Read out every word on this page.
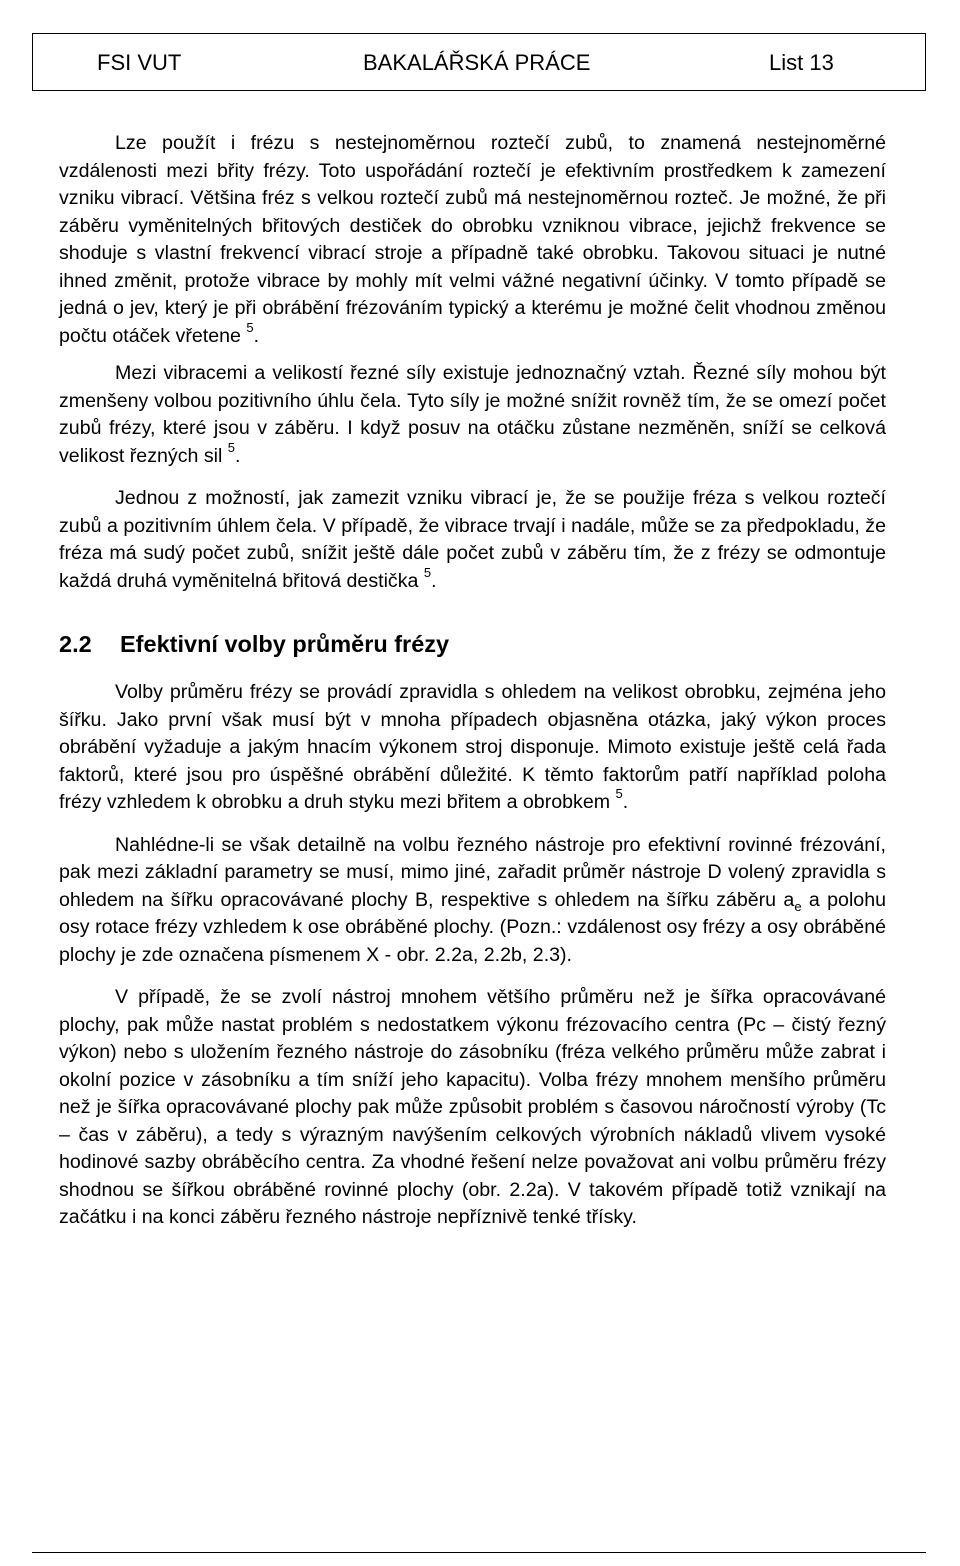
FSI VUT	BAKALÁŘSKÁ PRÁCE	List 13

Lze použít i frézu s nestejnoměrnou roztečí zubů, to znamená nestejnoměrné vzdálenosti mezi břity frézy. Toto uspořádání roztečí je efektivním prostředkem k zamezení vzniku vibrací. Většina fréz s velkou roztečí zubů má nestejnoměrnou rozteč. Je možné, že při záběru vyměnitelných břitových destiček do obrobku vzniknou vibrace, jejichž frekvence se shoduje s vlastní frekvencí vibrací stroje a případně také obrobku. Takovou situaci je nutné ihned změnit, protože vibrace by mohly mít velmi vážné negativní účinky. V tomto případě se jedná o jev, který je při obrábění frézováním typický a kterému je možné čelit vhodnou změnou počtu otáček vřetene $^5$.

Mezi vibracemi a velikostí řezné síly existuje jednoznačný vztah. Řezné síly mohou být zmenšeny volbou pozitivního úhlu čela. Tyto síly je možné snížit rovněž tím, že se omezí počet zubů frézy, které jsou v záběru. I když posuv na otáčku zůstane nezměněn, sníží se celková velikost řezných sil $^5$.

Jednou z možností, jak zamezit vzniku vibrací je, že se použije fréza s velkou roztečí zubů a pozitivním úhlem čela. V případě, že vibrace trvají i nadále, může se za předpokladu, že fréza má sudý počet zubů, snížit ještě dále počet zubů v záběru tím, že z frézy se odmontuje každá druhá vyměnitelná břitová destička $^5$.

2.2 Efektivní volby průměru frézy

Volby průměru frézy se provádí zpravidla s ohledem na velikost obrobku, zejména jeho šířku. Jako první však musí být v mnoha případech objasněna otázka, jaký výkon proces obrábění vyžaduje a jakým hnacím výkonem stroj disponuje. Mimoto existuje ještě celá řada faktorů, které jsou pro úspěšné obrábění důležité. K těmto faktorům patří například poloha frézy vzhledem k obrobku a druh styku mezi břitem a obrobkem $^5$.

Nahlédne-li se však detailně na volbu řezného nástroje pro efektivní rovinné frézování, pak mezi základní parametry se musí, mimo jiné, zařadit průměr nástroje D volený zpravidla s ohledem na šířku opracovávané plochy B, respektive s ohledem na šířku záběru $a_e$ a polohu osy rotace frézy vzhledem k ose obráběné plochy. (Pozn.: vzdálenost osy frézy a osy obráběné plochy je zde označena písmenem X - obr. 2.2a, 2.2b, 2.3).

V případě, že se zvolí nástroj mnohem většího průměru než je šířka opracovávané plochy, pak může nastat problém s nedostatkem výkonu frézovacího centra (Pc – čistý řezný výkon) nebo s uložením řezného nástroje do zásobníku (fréza velkého průměru může zabrat i okolní pozice v zásobníku a tím sníží jeho kapacitu). Volba frézy mnohem menšího průměru než je šířka opracovávané plochy pak může způsobit problém s časovou náročností výroby (Tc – čas v záběru), a tedy s výrazným navýšením celkových výrobních nákladů vlivem vysoké hodinové sazby obráběcího centra. Za vhodné řešení nelze považovat ani volbu průměru frézy shodnou se šířkou obráběné rovinné plochy (obr. 2.2a). V takovém případě totiž vznikají na začátku i na konci záběru řezného nástroje nepříznivě tenké třísky.
